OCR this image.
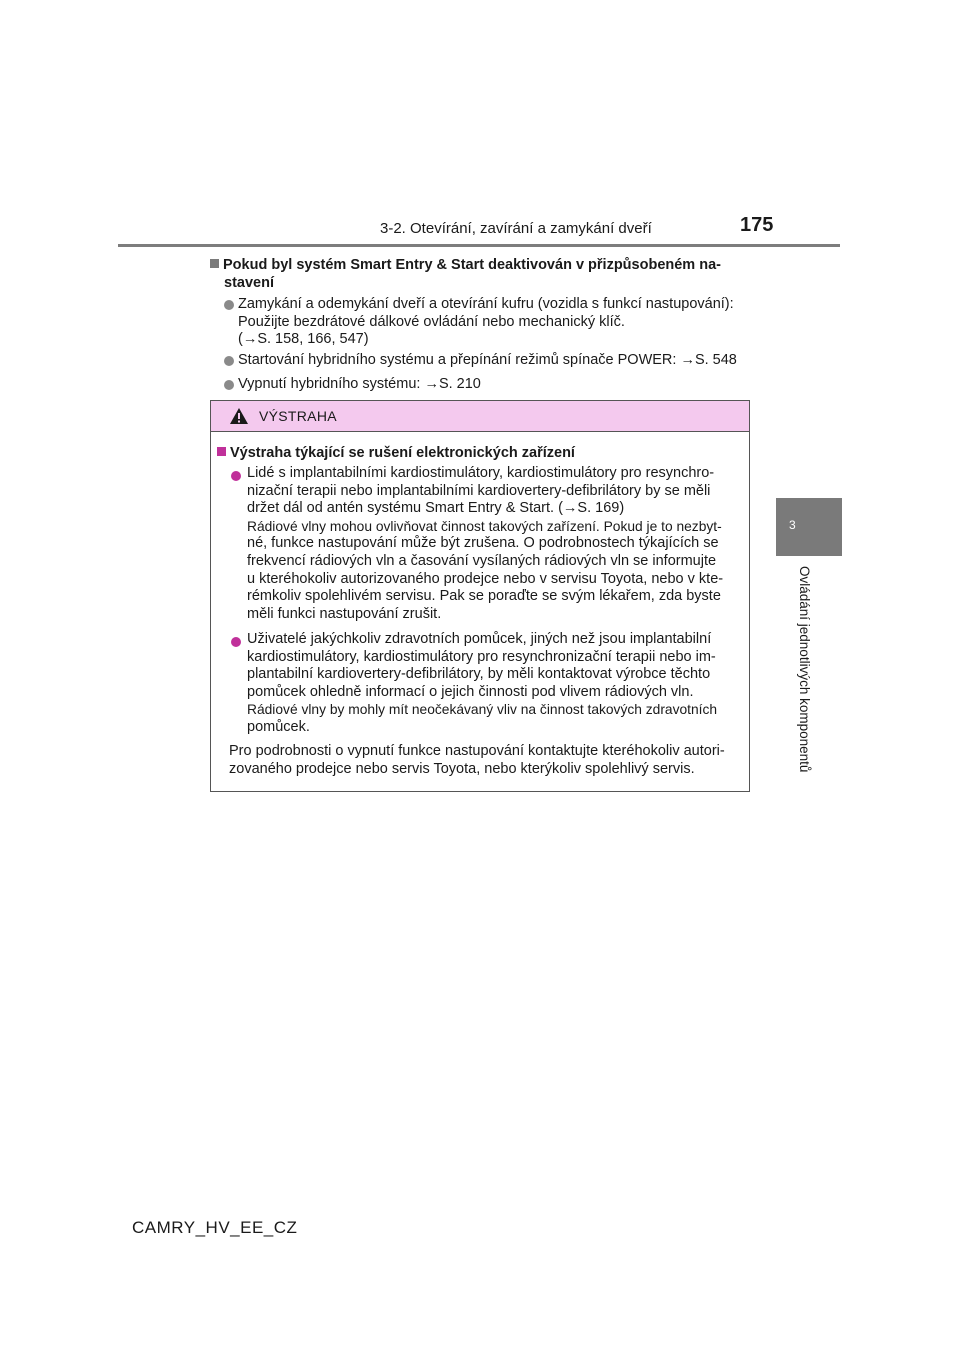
3-2. Otevírání, zavírání a zamykání dveří	175
3
Ovládání jednotlivých komponentů
Pokud byl systém Smart Entry & Start deaktivován v přizpůsobeném na-
stavení
Zamykání a odemykání dveří a otevírání kufru (vozidla s funkcí nastupování):
Použijte bezdrátové dálkové ovládání nebo mechanický klíč.
(→S. 158, 166, 547)
Startování hybridního systému a přepínání režimů spínače POWER: →S. 548
Vypnutí hybridního systému: →S. 210
VÝSTRAHA
Výstraha týkající se rušení elektronických zařízení
Lidé s implantabilními kardiostimulátory, kardiostimulátory pro resynchro-
nizační terapii nebo implantabilními kardiovertery-defibrilátory by se měli
držet dál od antén systému Smart Entry & Start. (→S. 169)
Rádiové vlny mohou ovlivňovat činnost takových zařízení. Pokud je to nezbyt-
né, funkce nastupování může být zrušena. O podrobnostech týkajících se
frekvencí rádiových vln a časování vysílaných rádiových vln se informujte
u kteréhokoliv autorizovaného prodejce nebo v servisu Toyota, nebo v kte-
rémkoliv spolehlivém servisu. Pak se poraďte se svým lékařem, zda byste
měli funkci nastupování zrušit.
Uživatelé jakýchkoliv zdravotních pomůcek, jiných než jsou implantabilní
kardiostimulátory, kardiostimulátory pro resynchronizační terapii nebo im-
plantabilní kardiovertery-defibrilátory, by měli kontaktovat výrobce těchto
pomůcek ohledně informací o jejich činnosti pod vlivem rádiových vln.
Rádiové vlny by mohly mít neočekávaný vliv na činnost takových zdravotních
pomůcek.
Pro podrobnosti o vypnutí funkce nastupování kontaktujte kteréhokoliv autori-
zovaného prodejce nebo servis Toyota, nebo kterýkoliv spolehlivý servis.
CAMRY_HV_EE_CZ
